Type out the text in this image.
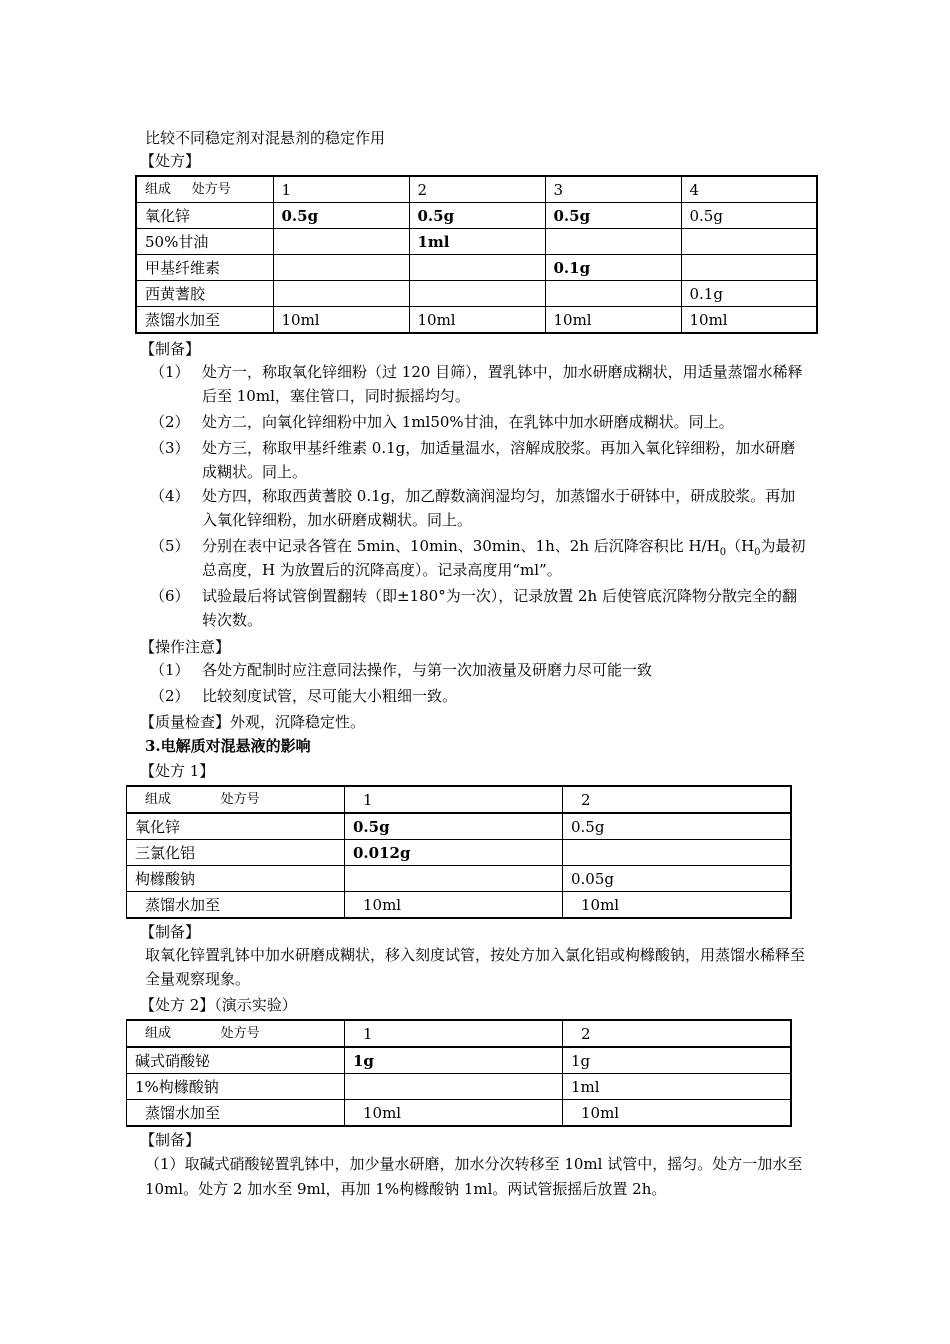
比较不同稳定剂对混悬剂的稳定作用
【处方】
组成 处方号	1	2	3	4
氧化锌	0.5g	0.5g	0.5g	0.5g
50%甘油		1ml		
甲基纤维素			0.1g	
西黄蓍胶				0.1g
蒸馏水加至	10ml	10ml	10ml	10ml
【制备】
（1） 处方一，称取氧化锌细粉（过 120 目筛），置乳钵中，加水研磨成糊状，用适量蒸馏水稀释后至 10ml，塞住管口，同时振摇均匀。
（2） 处方二，向氧化锌细粉中加入 1ml50%甘油，在乳钵中加水研磨成糊状。同上。
（3） 处方三，称取甲基纤维素 0.1g，加适量温水，溶解成胶浆。再加入氧化锌细粉，加水研磨成糊状。同上。
（4） 处方四，称取西黄蓍胶 0.1g，加乙醇数滴润湿均匀，加蒸馏水于研钵中，研成胶浆。再加入氧化锌细粉，加水研磨成糊状。同上。
（5） 分别在表中记录各管在 5min、10min、30min、1h、2h 后沉降容积比 $H/H_0(H_0$为最初总高度，H 为放置后的沉降高度）。记录高度用“ml”。
（6） 试验最后将试管倒置翻转（即±180°为一次），记录放置 2h 后使管底沉降物分散完全的翻转次数。
【操作注意】
（1） 各处方配制时应注意同法操作，与第一次加液量及研磨力尽可能一致
（2） 比较刻度试管，尽可能大小粗细一致。
【质量检查】外观，沉降稳定性。
3.电解质对混悬液的影响
【处方 1】
组成 处方号	1	2
氧化锌	0.5g	0.5g
三氯化铝	0.012g	
枸橼酸钠		0.05g
蒸馏水加至	10ml	10ml
【制备】
取氧化锌置乳钵中加水研磨成糊状，移入刻度试管，按处方加入氯化铝或枸橼酸钠，用蒸馏水稀释至全量观察现象。
【处方 2】（演示实验）
组成 处方号	1	2
碱式硝酸铋	1g	1g
1%枸橼酸钠		1ml
蒸馏水加至	10ml	10ml
【制备】
（1）取碱式硝酸铋置乳钵中，加少量水研磨，加水分次转移至 10ml 试管中，摇匀。处方一加水至 10ml。处方 2 加水至 9ml，再加 1%枸橼酸钠 1ml。两试管振摇后放置 2h。
